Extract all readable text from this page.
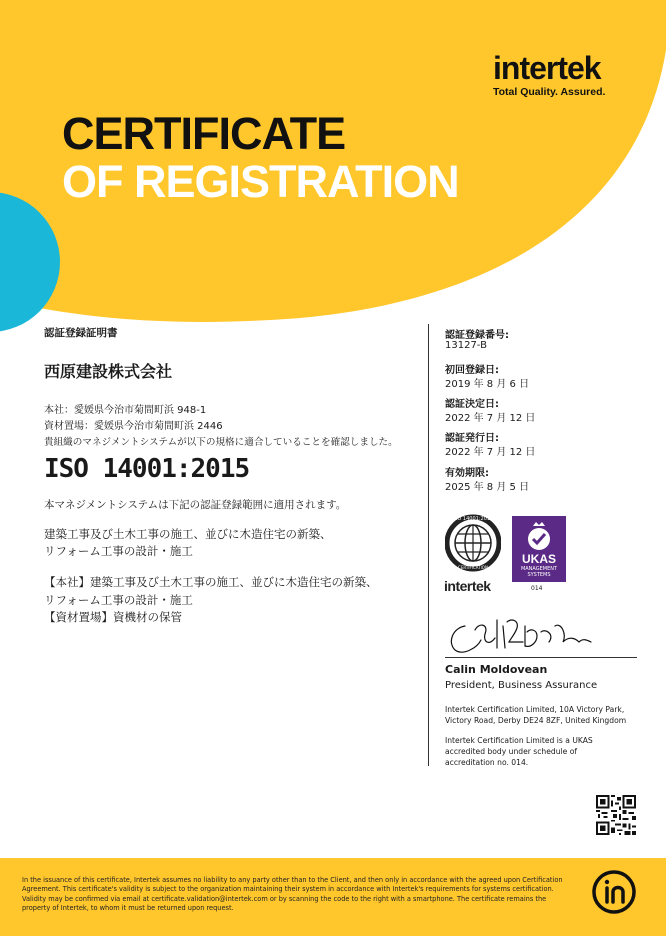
intertek
Total Quality. Assured.
CERTIFICATE
OF REGISTRATION
認証登録証明書
西原建設株式会社
本社：愛媛県今治市菊間町浜 948-1
資材置場：愛媛県今治市菊間町浜 2446
貴組織のマネジメントシステムが以下の規格に適合していることを確認しました。
ISO 14001:2015
本マネジメントシステムは下記の認証登録範囲に適用されます。
建築工事及び土木工事の施工、並びに木造住宅の新築、
リフォーム工事の設計・施工
【本社】建築工事及び土木工事の施工、並びに木造住宅の新築、
リフォーム工事の設計・施工
【資材置場】資機材の保管
認証登録番号:
13127-B
初回登録日:
2019 年 8 月 6 日
認証決定日:
2022 年 7 月 12 日
認証発行日:
2022 年 7 月 12 日
有効期限:
2025 年 8 月 5 日
ISO 14001:2015
CERTIFICATION
intertek
UKAS
MANAGEMENT
SYSTEMS
014
Calin Moldovean
President, Business Assurance
Intertek Certification Limited, 10A Victory Park,
Victory Road, Derby DE24 8ZF, United Kingdom
Intertek Certification Limited is a UKAS
accredited body under schedule of
accreditation no. 014.
In the issuance of this certificate, Intertek assumes no liability to any party other than to the Client, and then only in accordance with the agreed upon Certification
Agreement. This certificate's validity is subject to the organization maintaining their system in accordance with Intertek's requirements for systems certification.
Validity may be confirmed via email at certificate.validation@intertek.com or by scanning the code to the right with a smartphone. The certificate remains the
property of Intertek, to whom it must be returned upon request.
